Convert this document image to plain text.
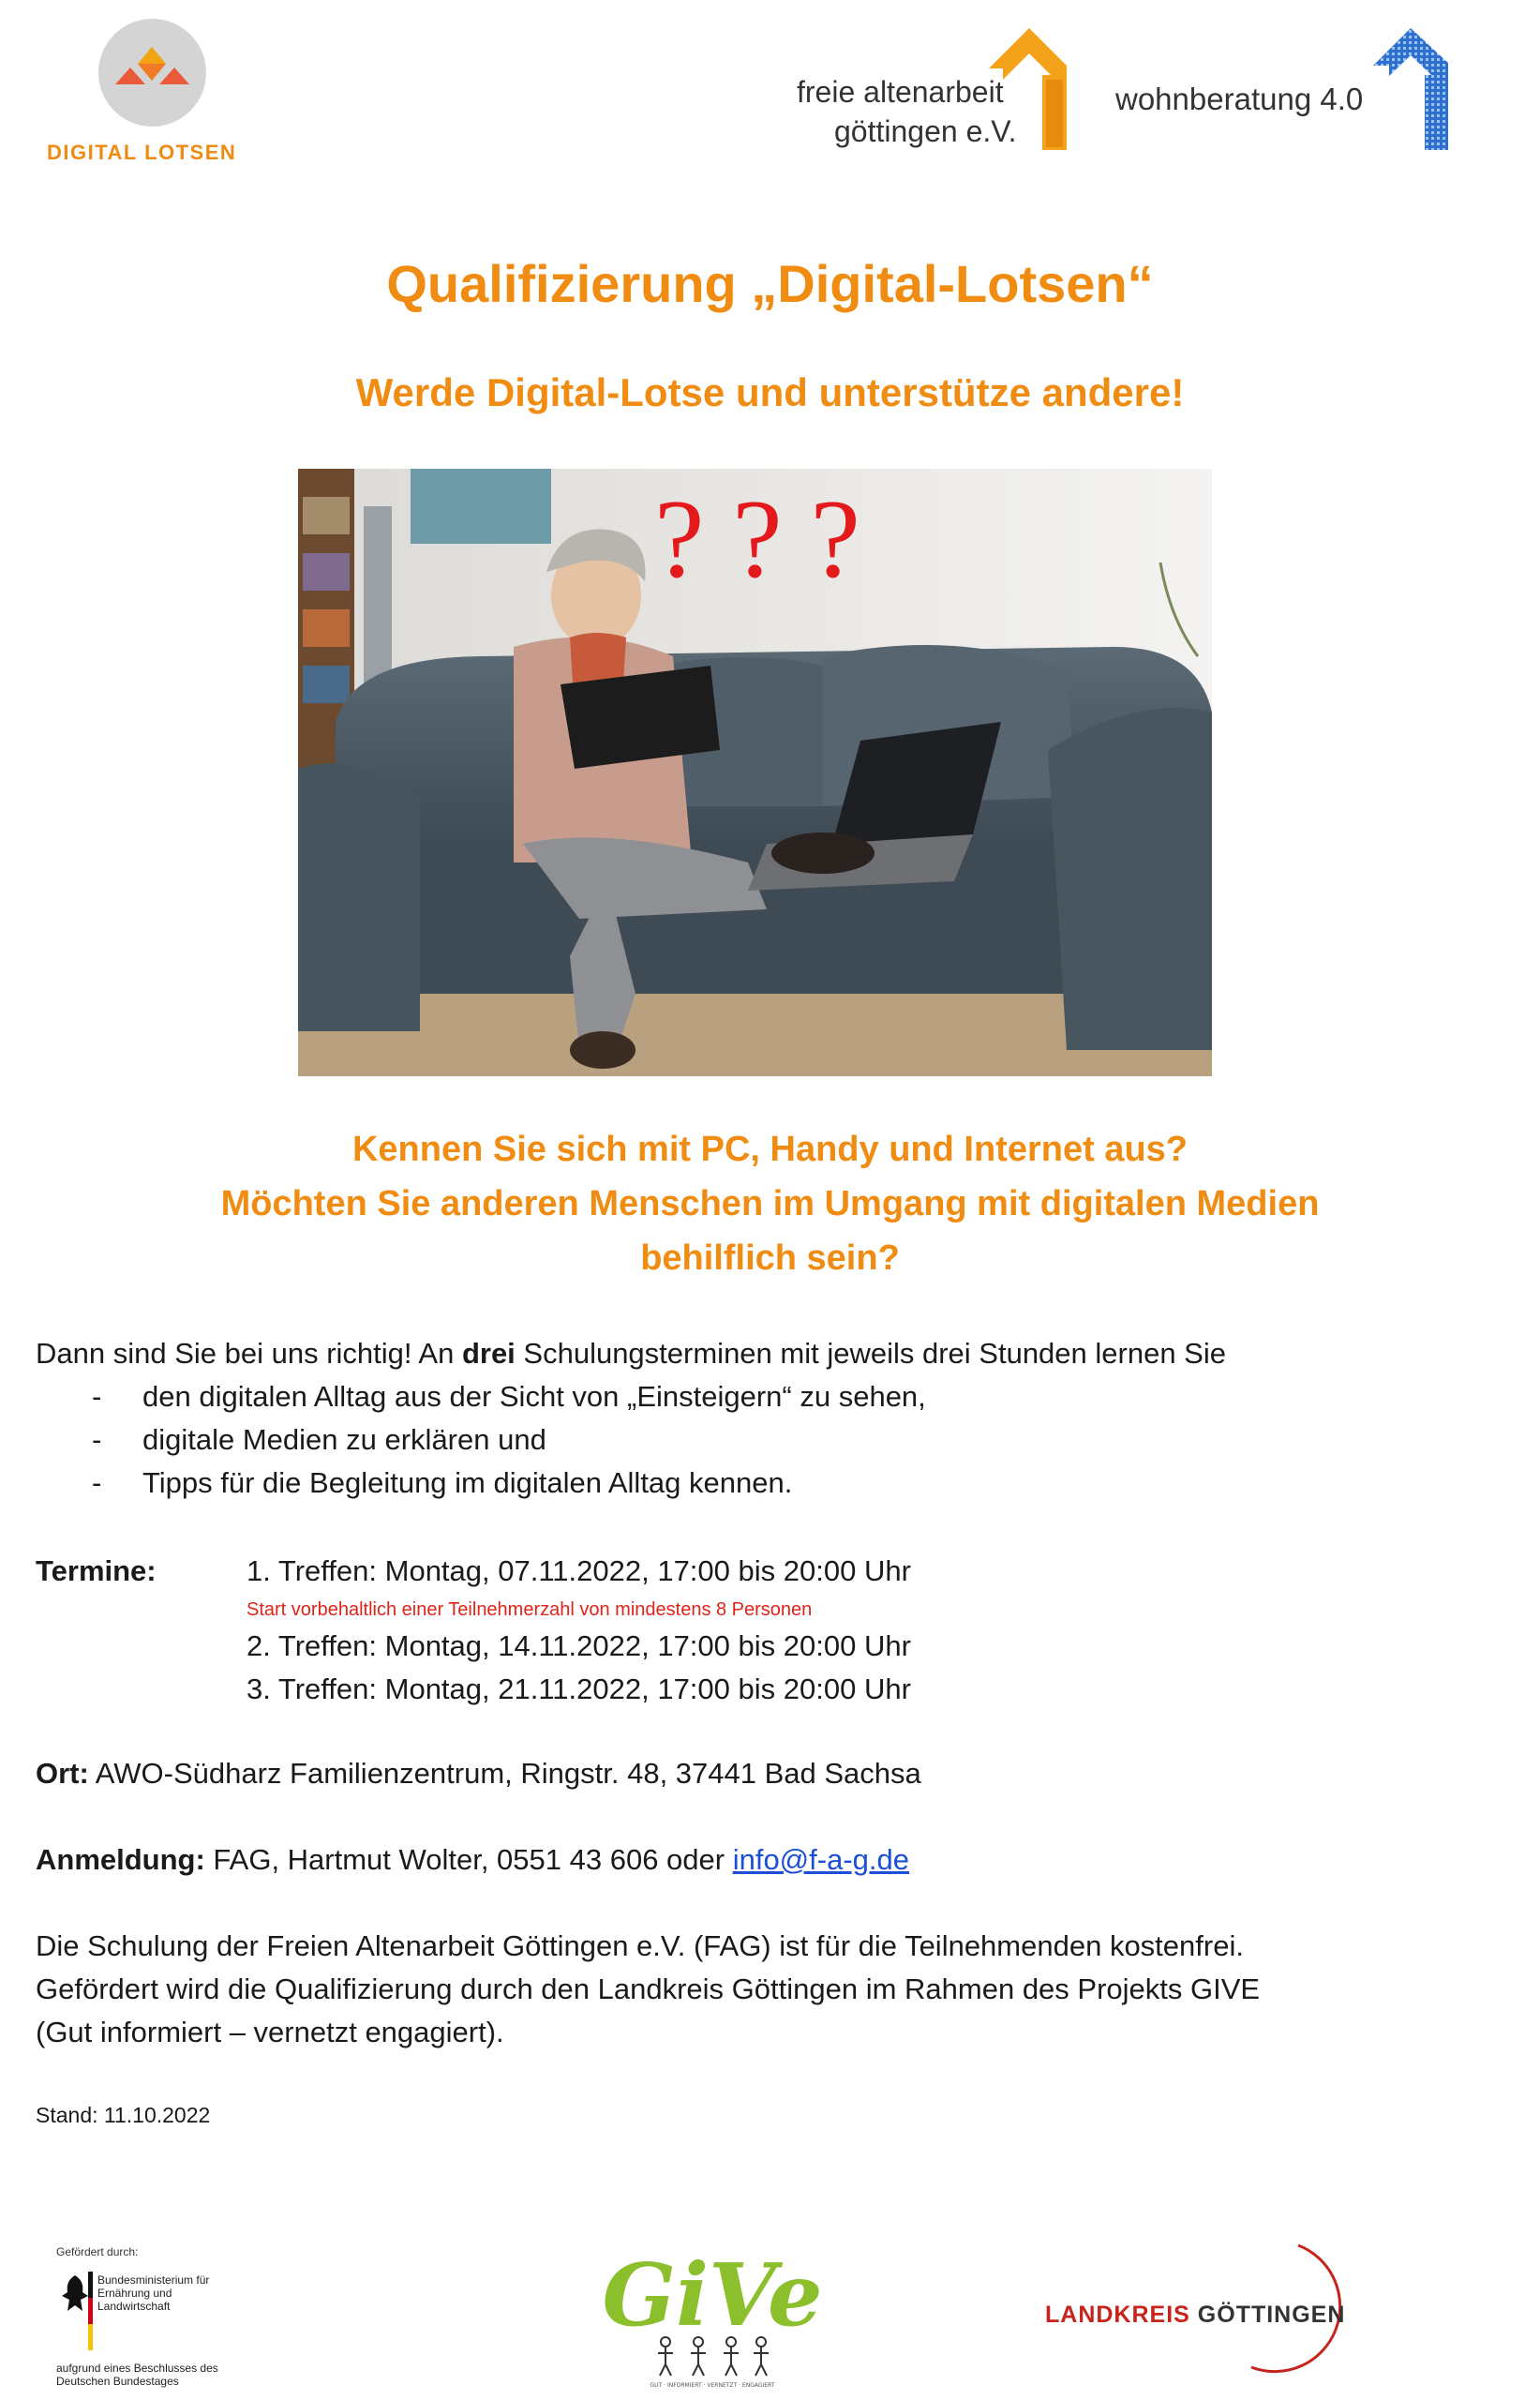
DIGITAL LOTSEN
freie altenarbeit
göttingen e.V.
wohnberatung 4.0
Qualifizierung „Digital-Lotsen“
Werde Digital-Lotse und unterstütze andere!
? ? ?
Kennen Sie sich mit PC, Handy und Internet aus?
Möchten Sie anderen Menschen im Umgang mit digitalen Medien
behilflich sein?
Dann sind Sie bei uns richtig! An drei Schulungsterminen mit jeweils drei Stunden lernen Sie
- den digitalen Alltag aus der Sicht von „Einsteigern“ zu sehen,
- digitale Medien zu erklären und
- Tipps für die Begleitung im digitalen Alltag kennen.
Termine:	1. Treffen: Montag, 07.11.2022, 17:00 bis 20:00 Uhr
Start vorbehaltlich einer Teilnehmerzahl von mindestens 8 Personen
2. Treffen: Montag, 14.11.2022, 17:00 bis 20:00 Uhr
3. Treffen: Montag, 21.11.2022, 17:00 bis 20:00 Uhr
Ort: AWO-Südharz Familienzentrum, Ringstr. 48, 37441 Bad Sachsa
Anmeldung: FAG, Hartmut Wolter, 0551 43 606 oder info@f-a-g.de
Die Schulung der Freien Altenarbeit Göttingen e.V. (FAG) ist für die Teilnehmenden kostenfrei.
Gefördert wird die Qualifizierung durch den Landkreis Göttingen im Rahmen des Projekts GIVE
(Gut informiert – vernetzt engagiert).
Stand: 11.10.2022
Gefördert durch:
Bundesministerium für Ernährung und Landwirtschaft
aufgrund eines Beschlusses des Deutschen Bundestages
GiVe
GUT · INFORMIERT · VERNETZT · ENGAGIERT
LANDKREIS GÖTTINGEN
